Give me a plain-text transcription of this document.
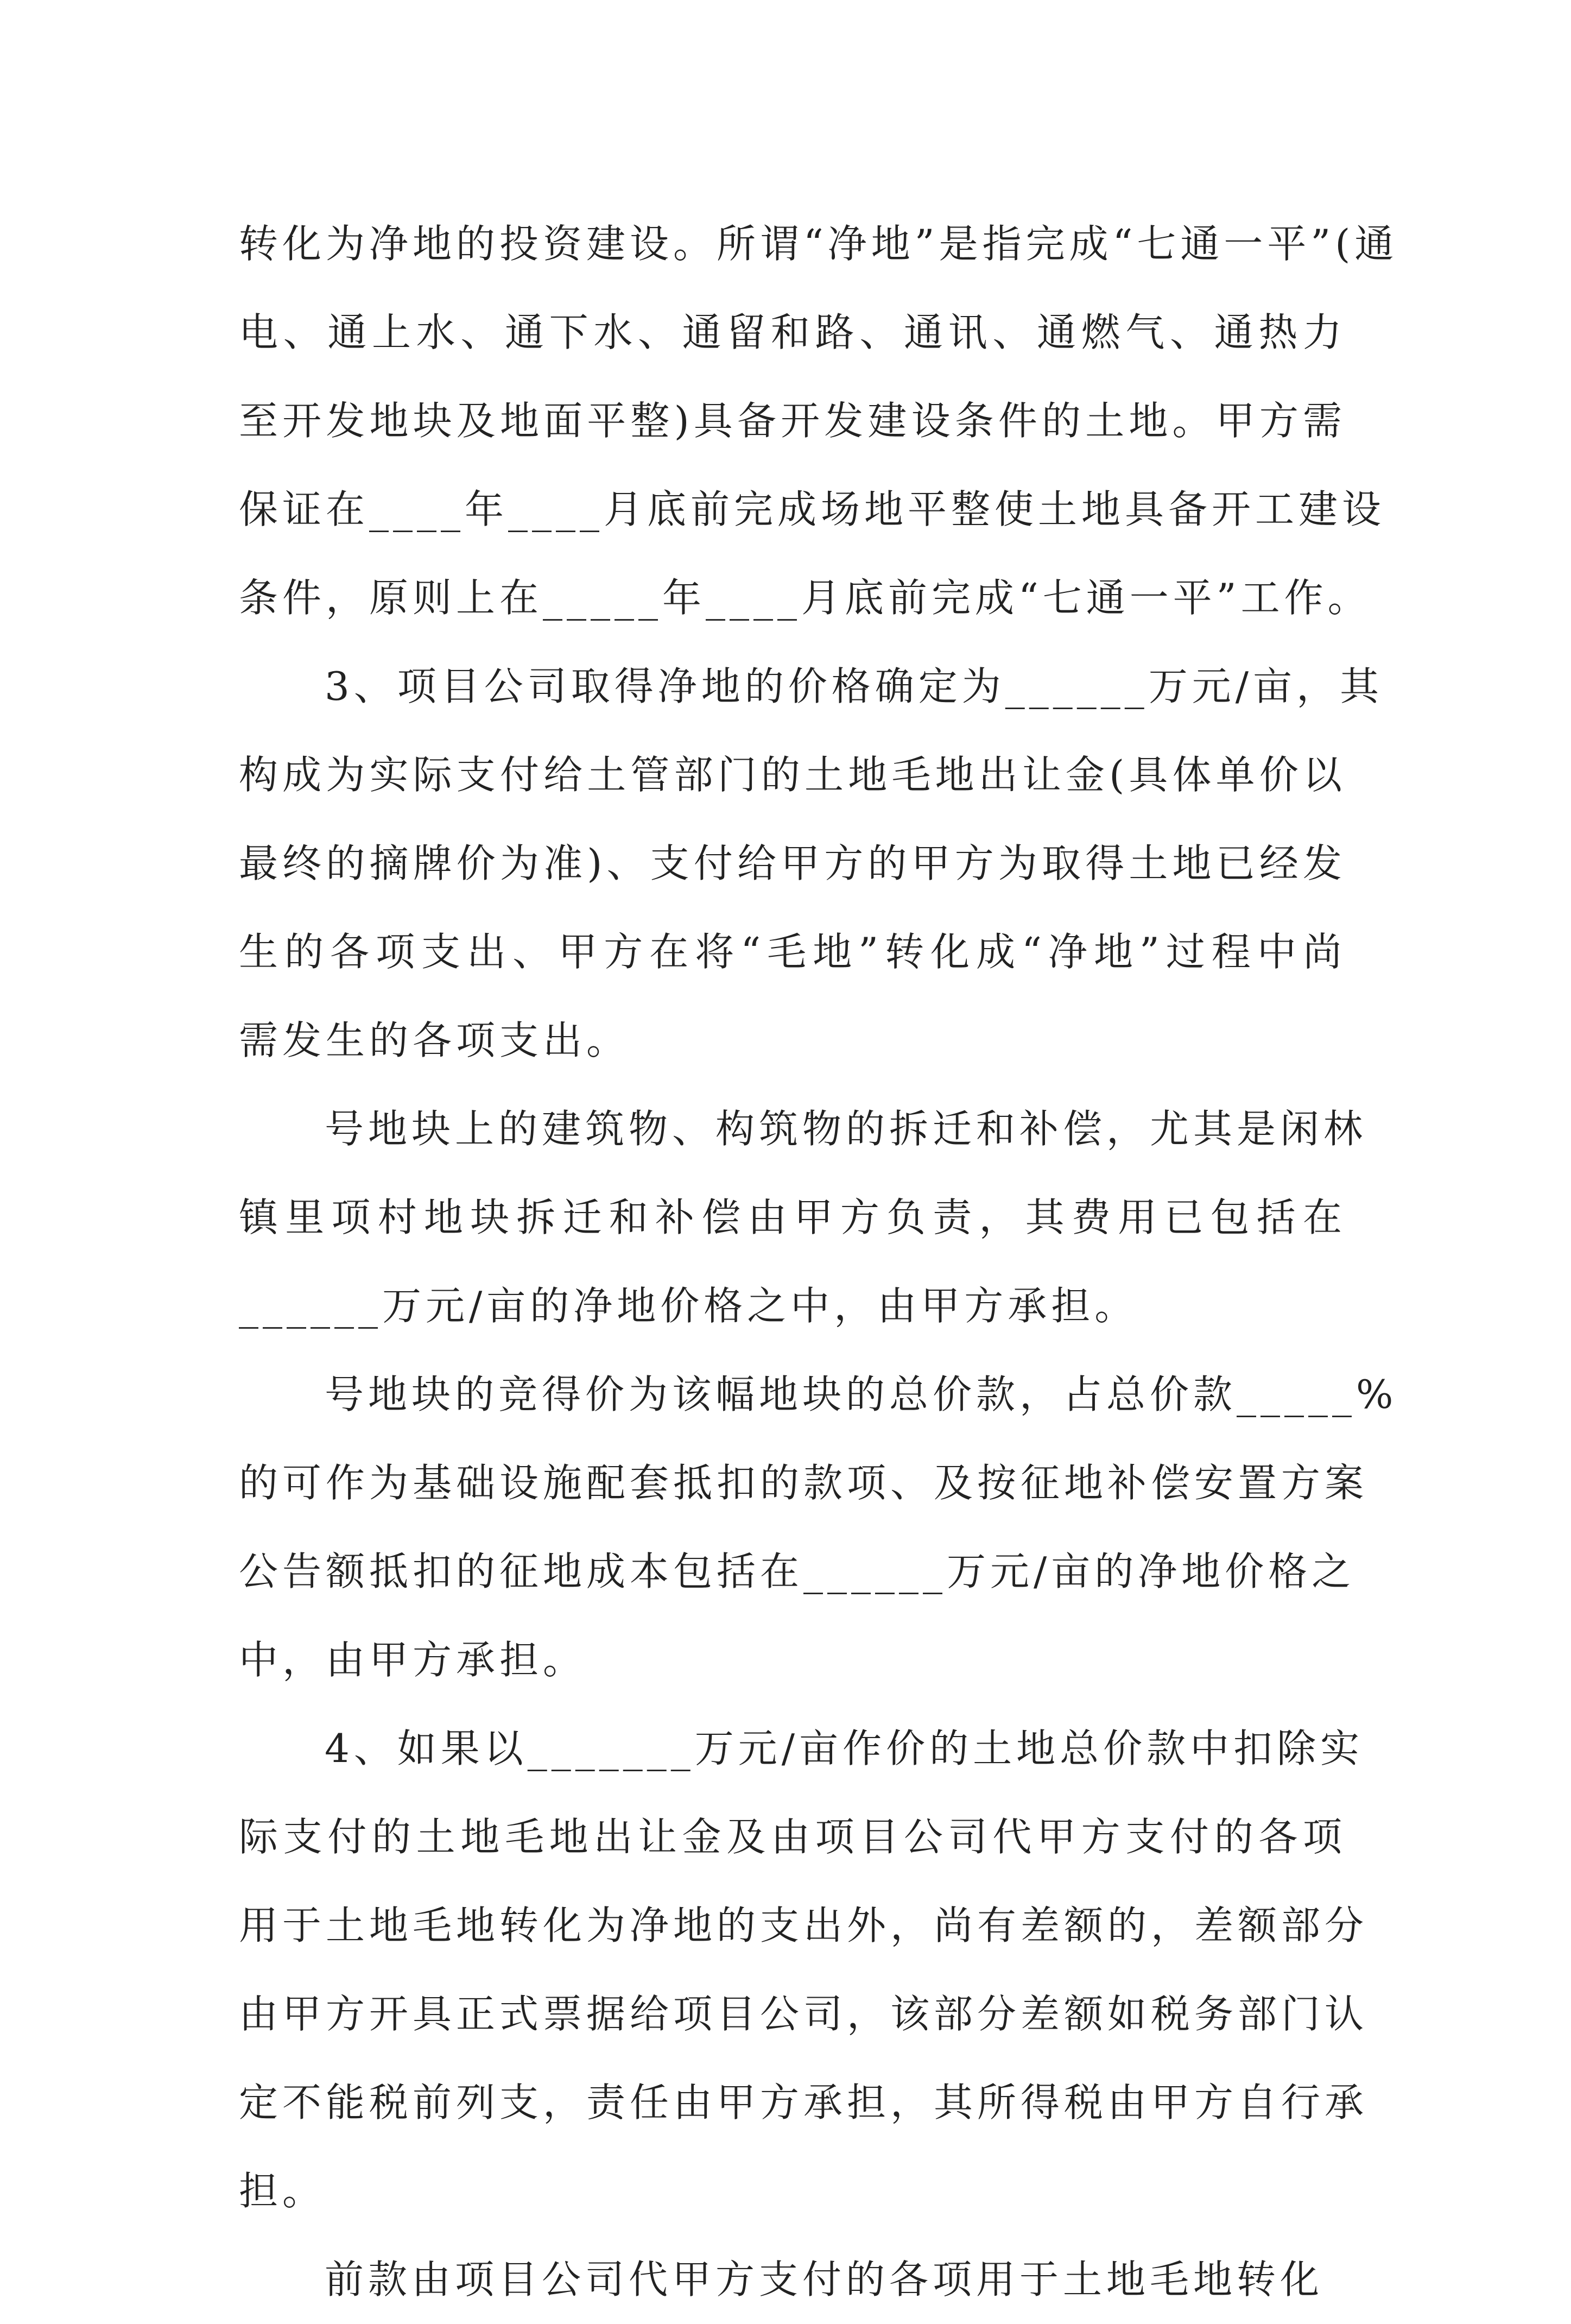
转化为净地的投资建设。所谓“净地”是指完成“七通一平”(通
电、通上水、通下水、通留和路、通讯、通燃气、通热力
至开发地块及地面平整)具备开发建设条件的土地。甲方需
保证在____年____月底前完成场地平整使土地具备开工建设
条件，原则上在_____年____月底前完成“七通一平”工作。

3、项目公司取得净地的价格确定为______万元/亩，其
构成为实际支付给土管部门的土地毛地出让金(具体单价以
最终的摘牌价为准)、支付给甲方的甲方为取得土地已经发
生的各项支出、甲方在将“毛地”转化成“净地”过程中尚
需发生的各项支出。

号地块上的建筑物、构筑物的拆迁和补偿，尤其是闲林
镇里项村地块拆迁和补偿由甲方负责，其费用已包括在
______万元/亩的净地价格之中，由甲方承担。

号地块的竞得价为该幅地块的总价款，占总价款_____%
的可作为基础设施配套抵扣的款项、及按征地补偿安置方案
公告额抵扣的征地成本包括在______万元/亩的净地价格之
中，由甲方承担。

4、如果以_______万元/亩作价的土地总价款中扣除实
际支付的土地毛地出让金及由项目公司代甲方支付的各项
用于土地毛地转化为净地的支出外，尚有差额的，差额部分
由甲方开具正式票据给项目公司，该部分差额如税务部门认
定不能税前列支，责任由甲方承担，其所得税由甲方自行承
担。

前款由项目公司代甲方支付的各项用于土地毛地转化
